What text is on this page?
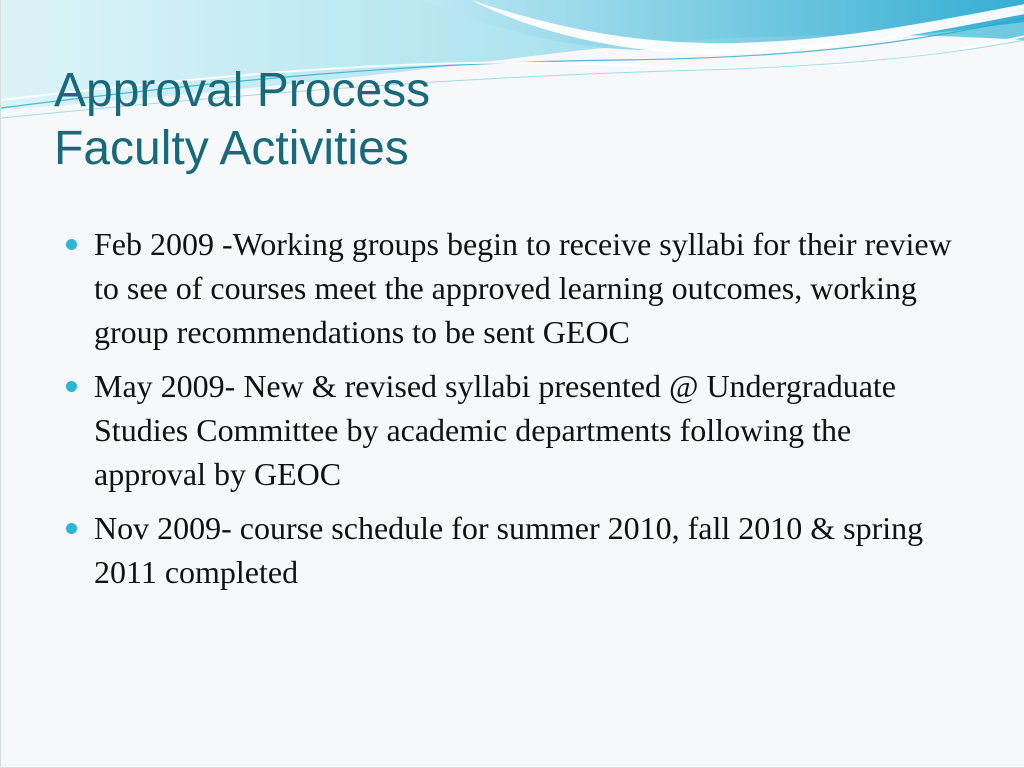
Approval Process
Faculty Activities
Feb 2009 -Working groups begin to receive syllabi for their review to see of courses meet the approved learning outcomes, working group recommendations to be sent GEOC
May 2009- New & revised syllabi presented @ Undergraduate Studies Committee by academic departments following the approval by GEOC
Nov 2009- course schedule for summer 2010, fall 2010 & spring 2011 completed
